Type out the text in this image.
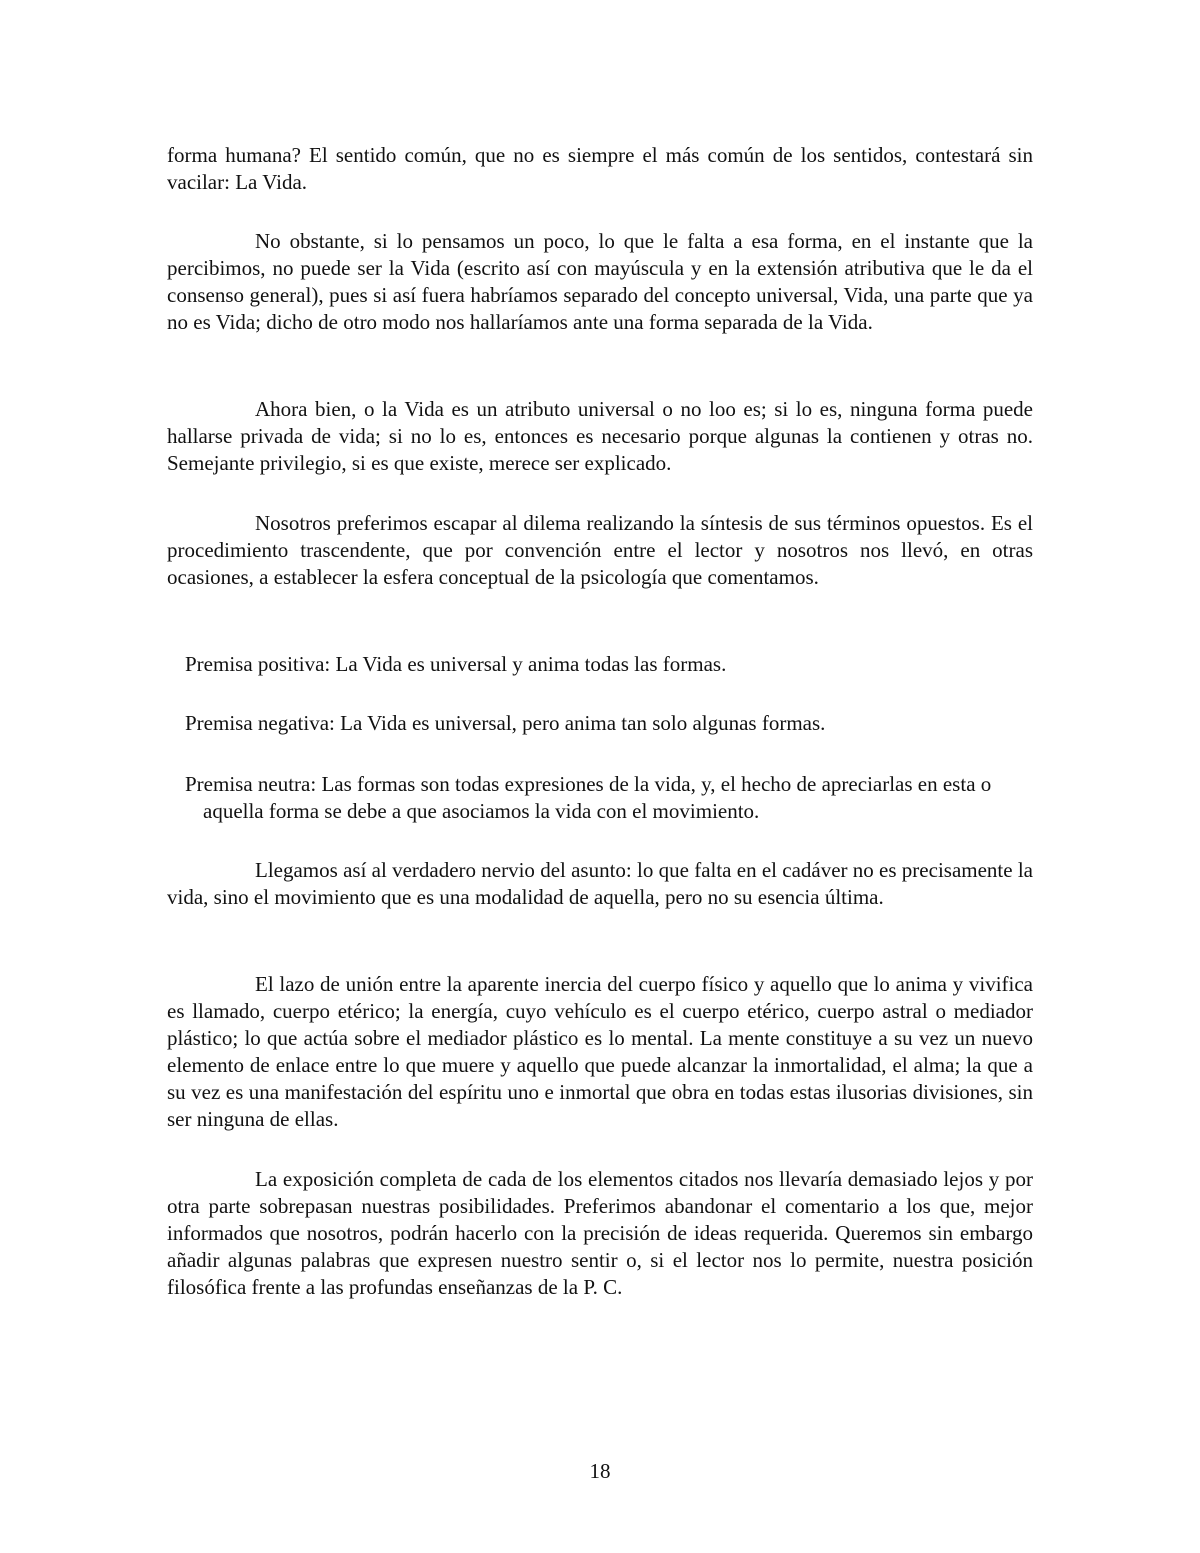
forma humana? El sentido común, que no es siempre el más común de los sentidos, contestará sin vacilar: La Vida.

No obstante, si lo pensamos un poco, lo que le falta a esa forma, en el instante que la percibimos, no puede ser la Vida (escrito así con mayúscula y en la extensión atributiva que le da el consenso general), pues si así fuera habríamos separado del concepto universal, Vida, una parte que ya no es Vida; dicho de otro modo nos hallaríamos ante una forma separada de la Vida.

Ahora bien, o la Vida es un atributo universal o no loo es; si lo es, ninguna forma puede hallarse privada de vida; si no lo es, entonces es necesario porque algunas la contienen y otras no. Semejante privilegio, si es que existe, merece ser explicado.

Nosotros preferimos escapar al dilema realizando la síntesis de sus términos opuestos. Es el procedimiento trascendente, que por convención entre el lector y nosotros nos llevó, en otras ocasiones, a establecer la esfera conceptual de la psicología que comentamos.

Premisa positiva: La Vida es universal y anima todas las formas.

Premisa negativa: La Vida es universal, pero anima tan solo algunas formas.

Premisa neutra: Las formas son todas expresiones de la vida, y, el hecho de apreciarlas en esta o aquella forma se debe a que asociamos la vida con el movimiento.

Llegamos así al verdadero nervio del asunto: lo que falta en el cadáver no es precisamente la vida, sino el movimiento que es una modalidad de aquella, pero no su esencia última.

El lazo de unión entre la aparente inercia del cuerpo físico y aquello que lo anima y vivifica es llamado, cuerpo etérico; la energía, cuyo vehículo es el cuerpo etérico, cuerpo astral o mediador plástico; lo que actúa sobre el mediador plástico es lo mental. La mente constituye a su vez un nuevo elemento de enlace entre lo que muere y aquello que puede alcanzar la inmortalidad, el alma; la que a su vez es una manifestación del espíritu uno e inmortal que obra en todas estas ilusorias divisiones, sin ser ninguna de ellas.

La exposición completa de cada de los elementos citados nos llevaría demasiado lejos y por otra parte sobrepasan nuestras posibilidades. Preferimos abandonar el comentario a los que, mejor informados que nosotros, podrán hacerlo con la precisión de ideas requerida. Queremos sin embargo añadir algunas palabras que expresen nuestro sentir o, si el lector nos lo permite, nuestra posición filosófica frente a las profundas enseñanzas de la P. C.

18
